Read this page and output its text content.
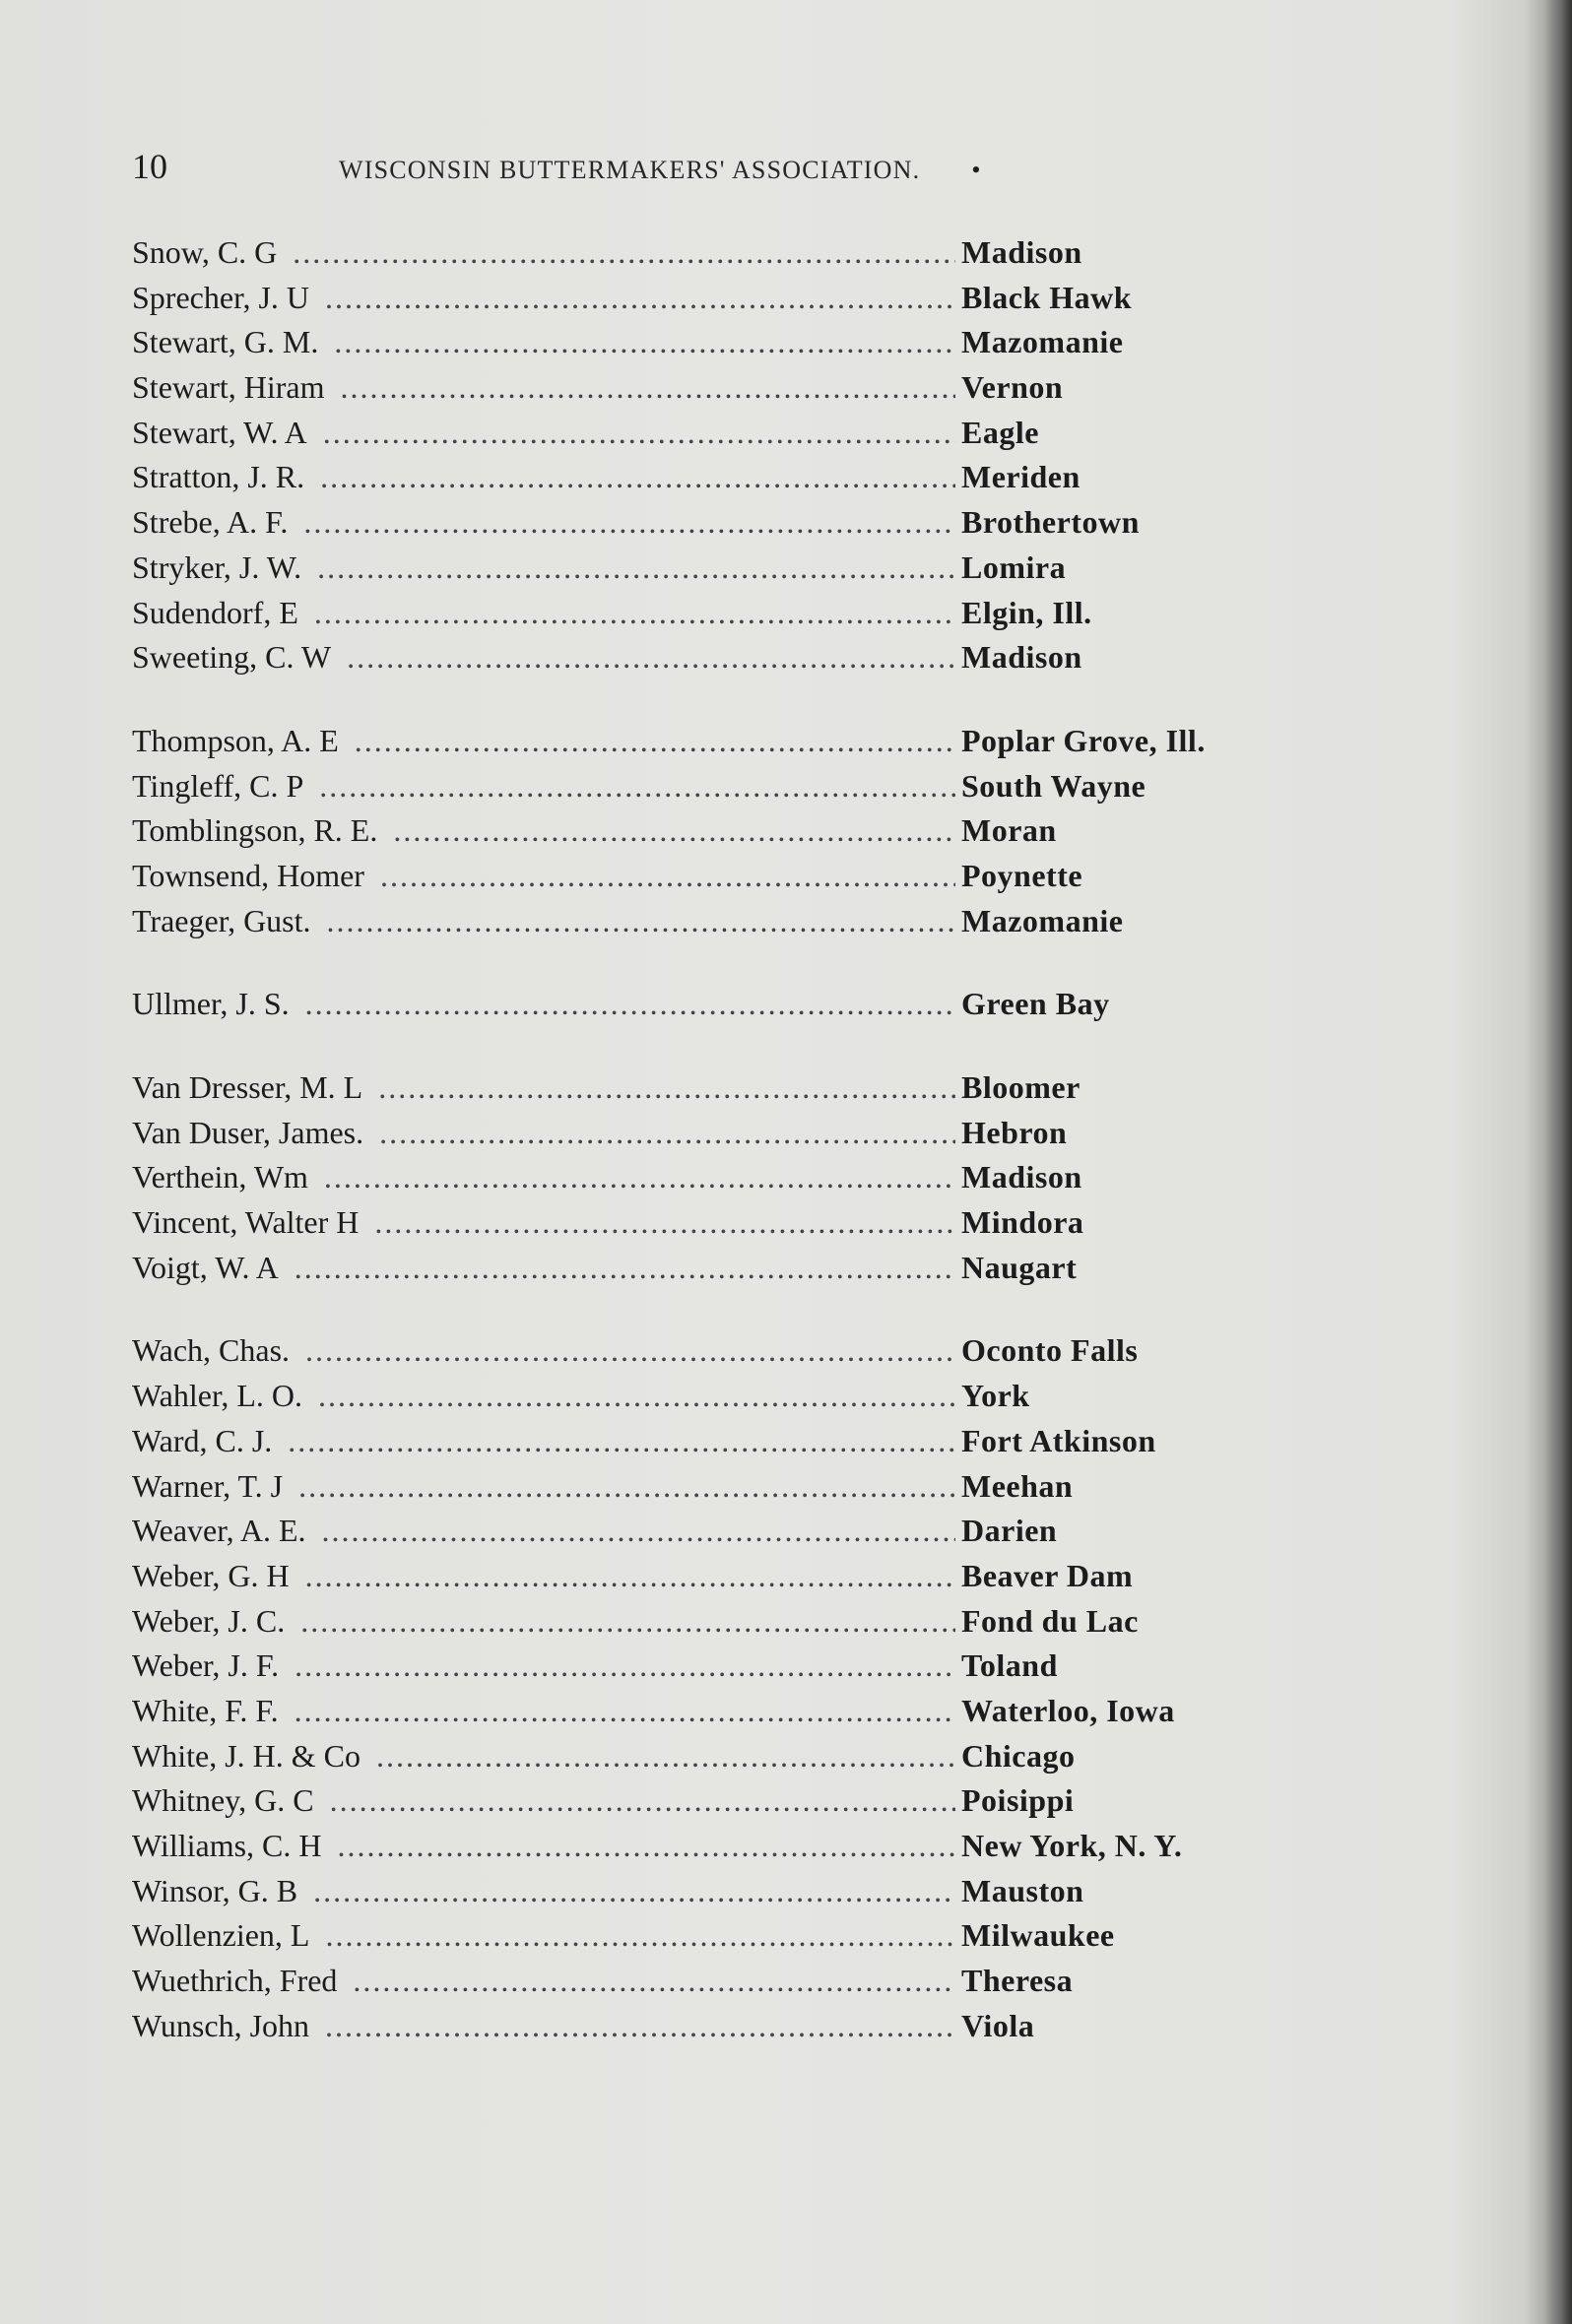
10	WISCONSIN BUTTERMAKERS' ASSOCIATION. •
Snow, C. G .....	Madison
Sprecher, J. U .....	Black Hawk
Stewart, G. M. .....	Mazomanie
Stewart, Hiram .....	Vernon
Stewart, W. A .....	Eagle
Stratton, J. R. .....	Meriden
Strebe, A. F. .....	Brothertown
Stryker, J. W. .....	Lomira
Sudendorf, E .....	Elgin, Ill.
Sweeting, C. W .....	Madison
Thompson, A. E .....	Poplar Grove, Ill.
Tingleff, C. P .....	South Wayne
Tomblingson, R. E. .....	Moran
Townsend, Homer .....	Poynette
Traeger, Gust. .....	Mazomanie
Ullmer, J. S. .....	Green Bay
Van Dresser, M. L .....	Bloomer
Van Duser, James. .....	Hebron
Verthein, Wm .....	Madison
Vincent, Walter H .....	Mindora
Voigt, W. A .....	Naugart
Wach, Chas. .....	Oconto Falls
Wahler, L. O. .....	York
Ward, C. J. .....	Fort Atkinson
Warner, T. J .....	Meehan
Weaver, A. E. .....	Darien
Weber, G. H .....	Beaver Dam
Weber, J. C. .....	Fond du Lac
Weber, J. F. .....	Toland
White, F. F. .....	Waterloo, Iowa
White, J. H. & Co .....	Chicago
Whitney, G. C .....	Poisippi
Williams, C. H .....	New York, N. Y.
Winsor, G. B .....	Mauston
Wollenzien, L .....	Milwaukee
Wuethrich, Fred .....	Theresa
Wunsch, John .....	Viola
